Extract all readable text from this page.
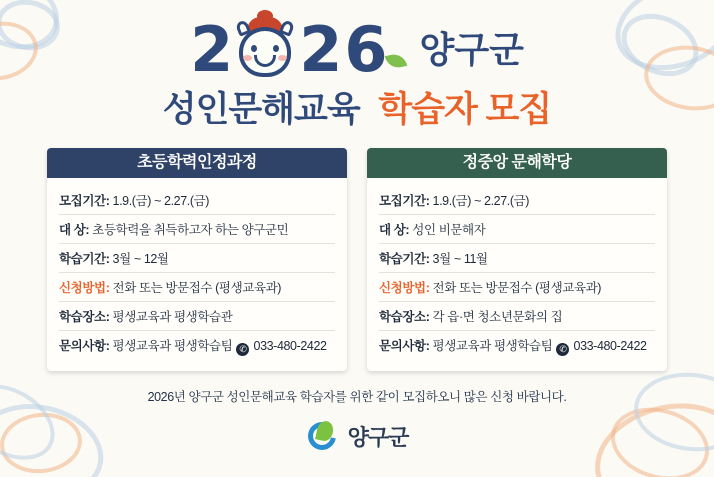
2 2 6 양구군
성인문해교육 학습자 모집
초등학력인정과정
모집기간: 1.9.(금) ~ 2.27.(금)
대 상: 초등학력을 취득하고자 하는 양구군민
학습기간: 3월 ~ 12월
신청방법: 전화 또는 방문접수 (평생교육과)
학습장소: 평생교육과 평생학습관
문의사항: 평생교육과 평생학습팀 ✆ 033-480-2422
정중앙 문해학당
모집기간: 1.9.(금) ~ 2.27.(금)
대 상: 성인 비문해자
학습기간: 3월 ~ 11월
신청방법: 전화 또는 방문접수 (평생교육과)
학습장소: 각 읍·면 청소년문화의 집
문의사항: 평생교육과 평생학습팀 ✆ 033-480-2422
2026년 양구군 성인문해교육 학습자를 위한 같이 모집하오니 많은 신청 바랍니다.
양구군
